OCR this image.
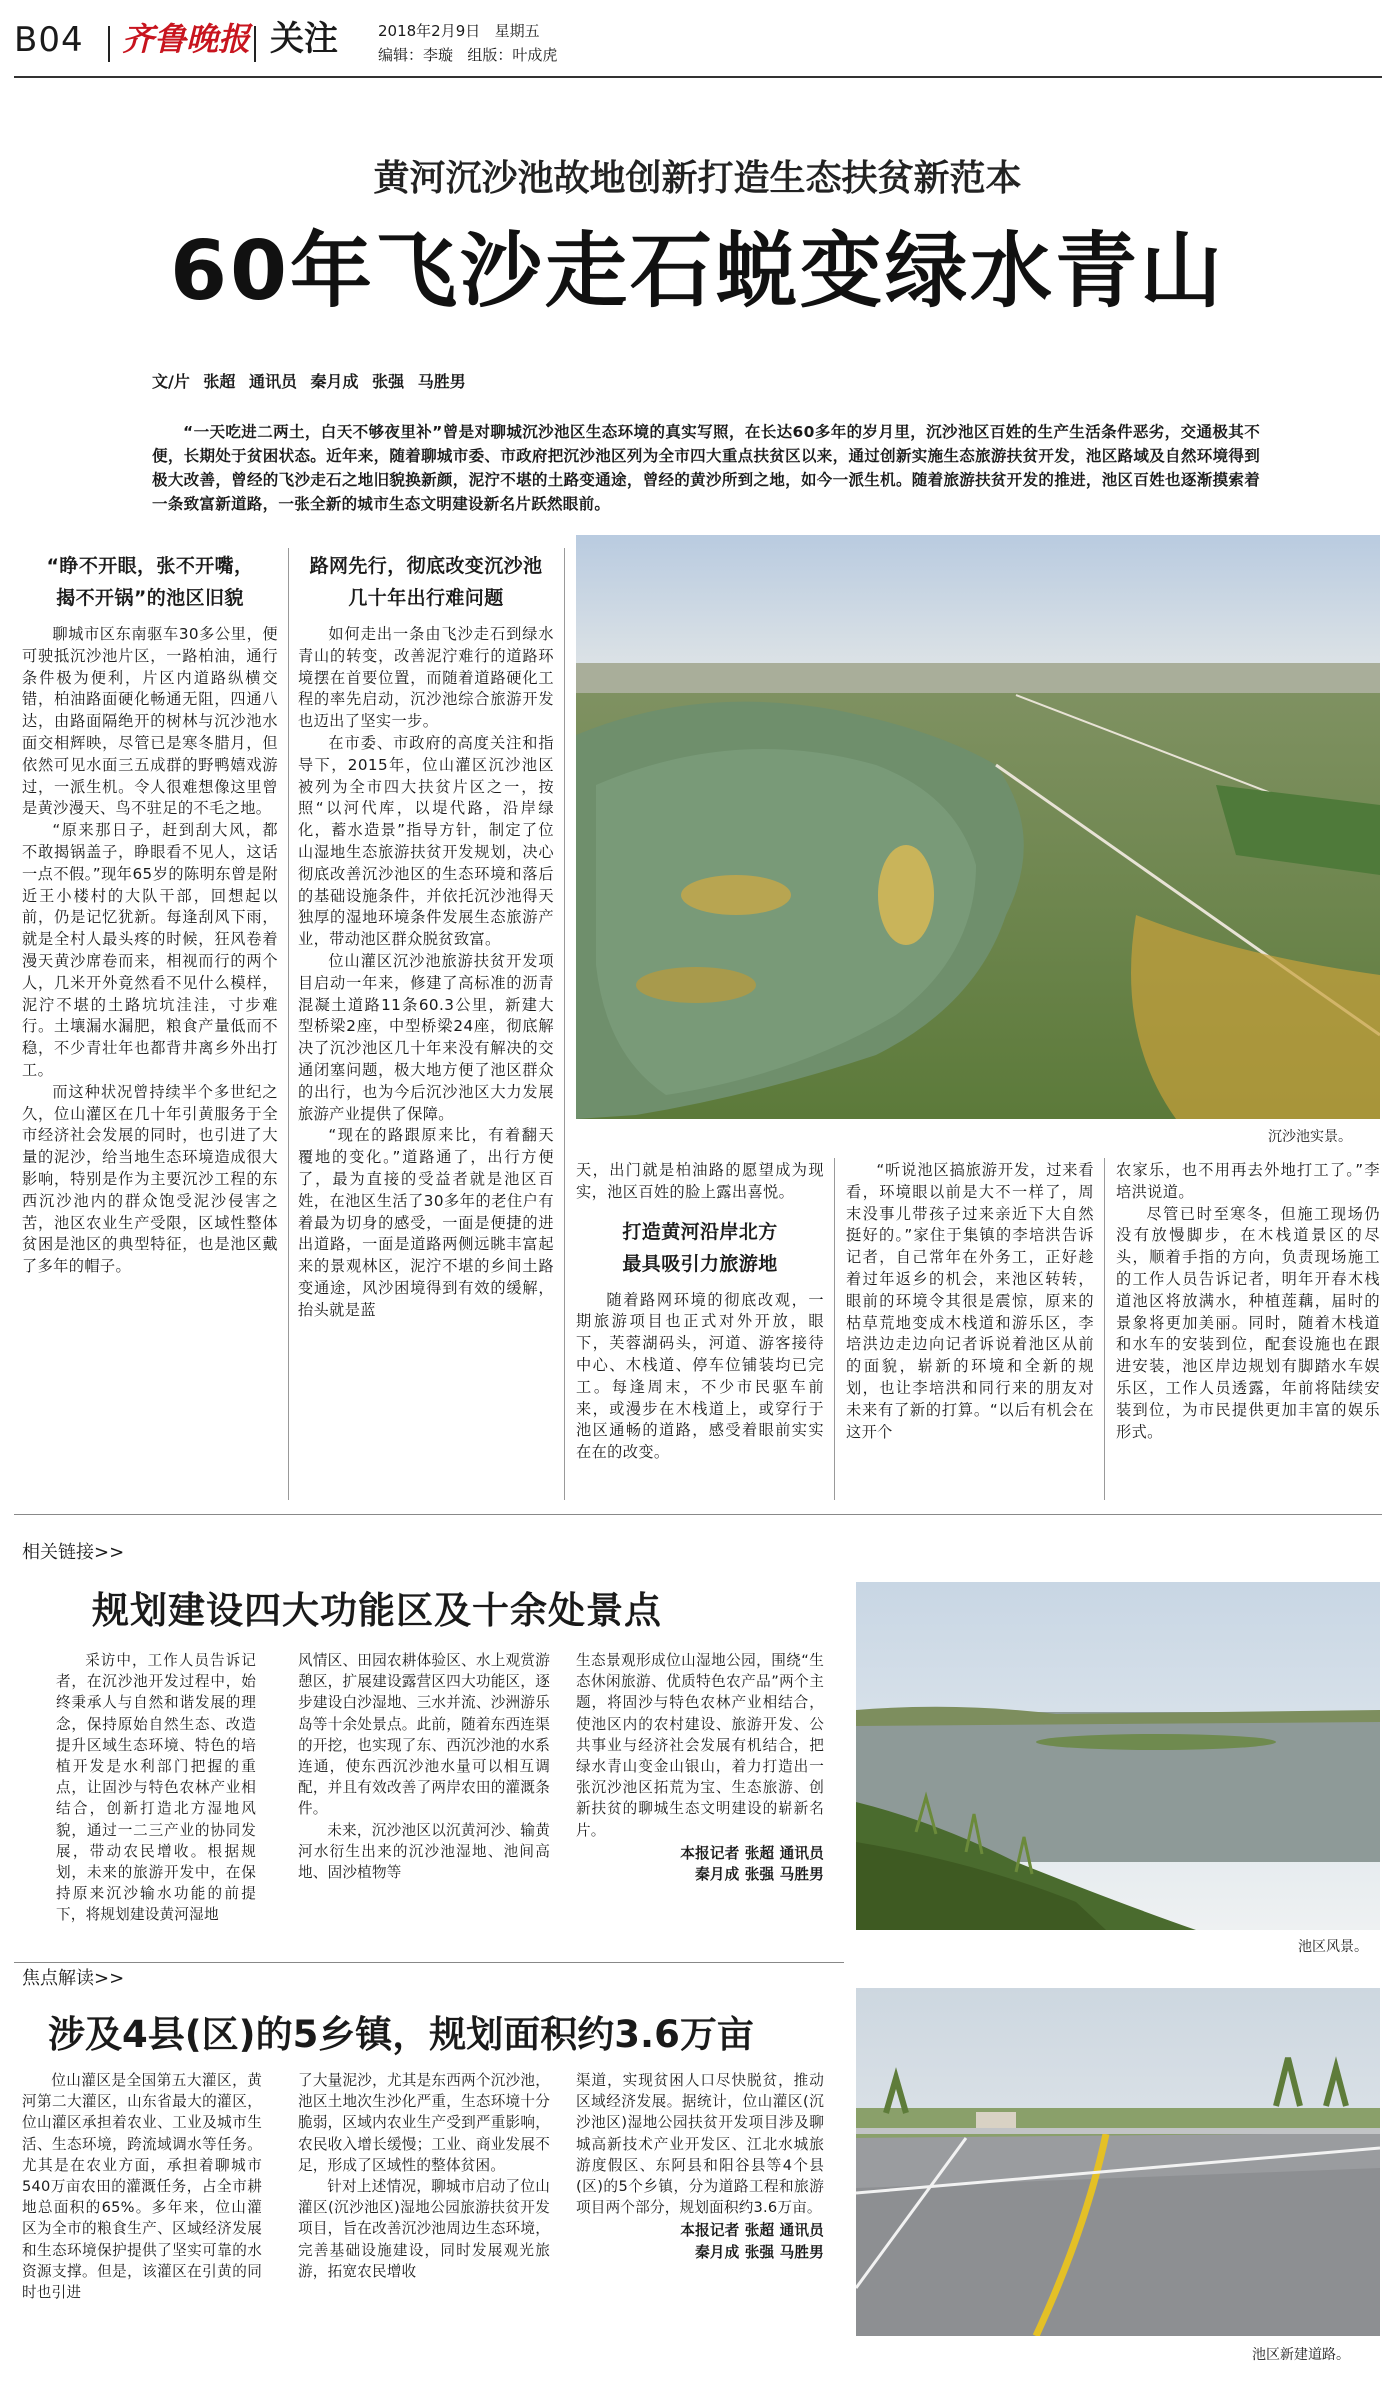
B04 齐鲁晚报 关注	2018年2月9日 星期五
编辑：李璇 组版：叶成虎
黄河沉沙池故地创新打造生态扶贫新范本
60年飞沙走石蜕变绿水青山
文/片 张超 通讯员 秦月成 张强 马胜男
“一天吃进二两土，白天不够夜里补”曾是对聊城沉沙池区生态环境的真实写照，在长达60多年的岁月里，沉沙池区百姓的生产生活条件恶劣，交通极其不便，长期处于贫困状态。近年来，随着聊城市委、市政府把沉沙池区列为全市四大重点扶贫区以来，通过创新实施生态旅游扶贫开发，池区路域及自然环境得到极大改善，曾经的飞沙走石之地旧貌换新颜，泥泞不堪的土路变通途，曾经的黄沙所到之地，如今一派生机。随着旅游扶贫开发的推进，池区百姓也逐渐摸索着一条致富新道路，一张全新的城市生态文明建设新名片跃然眼前。
沉沙池实景。
“睁不开眼，张不开嘴，
揭不开锅”的池区旧貌

聊城市区东南驱车30多公里，便可驶抵沉沙池片区，一路柏油，通行条件极为便利，片区内道路纵横交错，柏油路面硬化畅通无阻，四通八达，由路面隔绝开的树林与沉沙池水面交相辉映，尽管已是寒冬腊月，但依然可见水面三五成群的野鸭嬉戏游过，一派生机。令人很难想像这里曾是黄沙漫天、鸟不驻足的不毛之地。

“原来那日子，赶到刮大风，都不敢揭锅盖子，睁眼看不见人，这话一点不假。”现年65岁的陈明东曾是附近王小楼村的大队干部，回想起以前，仍是记忆犹新。每逢刮风下雨，就是全村人最头疼的时候，狂风卷着漫天黄沙席卷而来，相视而行的两个人，几米开外竟然看不见什么模样，泥泞不堪的土路坑坑洼洼，寸步难行。土壤漏水漏肥，粮食产量低而不稳，不少青壮年也都背井离乡外出打工。

而这种状况曾持续半个多世纪之久，位山灌区在几十年引黄服务于全市经济社会发展的同时，也引进了大量的泥沙，给当地生态环境造成很大影响，特别是作为主要沉沙工程的东西沉沙池内的群众饱受泥沙侵害之苦，池区农业生产受限，区域性整体贫困是池区的典型特征，也是池区戴了多年的帽子。

路网先行，彻底改变沉沙池
几十年出行难问题

如何走出一条由飞沙走石到绿水青山的转变，改善泥泞难行的道路环境摆在首要位置，而随着道路硬化工程的率先启动，沉沙池综合旅游开发也迈出了坚实一步。

在市委、市政府的高度关注和指导下，2015年，位山灌区沉沙池区被列为全市四大扶贫片区之一，按照“以河代库，以堤代路，沿岸绿化，蓄水造景”指导方针，制定了位山湿地生态旅游扶贫开发规划，决心彻底改善沉沙池区的生态环境和落后的基础设施条件，并依托沉沙池得天独厚的湿地环境条件发展生态旅游产业，带动池区群众脱贫致富。

位山灌区沉沙池旅游扶贫开发项目启动一年来，修建了高标准的沥青混凝土道路11条60.3公里，新建大型桥梁2座，中型桥梁24座，彻底解决了沉沙池区几十年来没有解决的交通闭塞问题，极大地方便了池区群众的出行，也为今后沉沙池区大力发展旅游产业提供了保障。

“现在的路跟原来比，有着翻天覆地的变化。”道路通了，出行方便了，最为直接的受益者就是池区百姓，在池区生活了30多年的老住户有着最为切身的感受，一面是便捷的进出道路，一面是道路两侧远眺丰富起来的景观林区，泥泞不堪的乡间土路变通途，风沙困境得到有效的缓解，抬头就是蓝

天，出门就是柏油路的愿望成为现实，池区百姓的脸上露出喜悦。

打造黄河沿岸北方
最具吸引力旅游地

随着路网环境的彻底改观，一期旅游项目也正式对外开放，眼下，芙蓉湖码头，河道、游客接待中心、木栈道、停车位铺装均已完工。每逢周末，不少市民驱车前来，或漫步在木栈道上，或穿行于池区通畅的道路，感受着眼前实实在在的改变。

“听说池区搞旅游开发，过来看看，环境眼以前是大不一样了，周末没事儿带孩子过来亲近下大自然挺好的。”家住于集镇的李培洪告诉记者，自己常年在外务工，正好趁着过年返乡的机会，来池区转转，眼前的环境令其很是震惊，原来的枯草荒地变成木栈道和游乐区，李培洪边走边向记者诉说着池区从前的面貌，崭新的环境和全新的规划，也让李培洪和同行来的朋友对未来有了新的打算。“以后有机会在这开个

农家乐，也不用再去外地打工了。”李培洪说道。

尽管已时至寒冬，但施工现场仍没有放慢脚步，在木栈道景区的尽头，顺着手指的方向，负责现场施工的工作人员告诉记者，明年开春木栈道池区将放满水，种植莲藕，届时的景象将更加美丽。同时，随着木栈道和水车的安装到位，配套设施也在跟进安装，池区岸边规划有脚踏水车娱乐区，工作人员透露，年前将陆续安装到位，为市民提供更加丰富的娱乐形式。

相关链接>>
规划建设四大功能区及十余处景点

采访中，工作人员告诉记者，在沉沙池开发过程中，始终秉承人与自然和谐发展的理念，保持原始自然生态、改造提升区域生态环境、特色的培植开发是水利部门把握的重点，让固沙与特色农林产业相结合，创新打造北方湿地风貌，通过一二三产业的协同发展，带动农民增收。根据规划，未来的旅游开发中，在保持原来沉沙输水功能的前提下，将规划建设黄河湿地

风情区、田园农耕体验区、水上观赏游憩区，扩展建设露营区四大功能区，逐步建设白沙湿地、三水并流、沙洲游乐岛等十余处景点。此前，随着东西连渠的开挖，也实现了东、西沉沙池的水系连通，使东西沉沙池水量可以相互调配，并且有效改善了两岸农田的灌溉条件。

未来，沉沙池区以沉黄河沙、输黄河水衍生出来的沉沙池湿地、池间高地、固沙植物等

生态景观形成位山湿地公园，围绕“生态休闲旅游、优质特色农产品”两个主题，将固沙与特色农林产业相结合，使池区内的农村建设、旅游开发、公共事业与经济社会发展有机结合，把绿水青山变金山银山，着力打造出一张沉沙池区拓荒为宝、生态旅游、创新扶贫的聊城生态文明建设的崭新名片。

本报记者 张超 通讯员
秦月成 张强 马胜男
池区风景。
焦点解读>>
涉及4县(区)的5乡镇，规划面积约3.6万亩

位山灌区是全国第五大灌区，黄河第二大灌区，山东省最大的灌区，位山灌区承担着农业、工业及城市生活、生态环境，跨流域调水等任务。尤其是在农业方面，承担着聊城市540万亩农田的灌溉任务，占全市耕地总面积的65%。多年来，位山灌区为全市的粮食生产、区域经济发展和生态环境保护提供了坚实可靠的水资源支撑。但是，该灌区在引黄的同时也引进

了大量泥沙，尤其是东西两个沉沙池，池区土地次生沙化严重，生态环境十分脆弱，区域内农业生产受到严重影响，农民收入增长缓慢；工业、商业发展不足，形成了区域性的整体贫困。

针对上述情况，聊城市启动了位山灌区(沉沙池区)湿地公园旅游扶贫开发项目，旨在改善沉沙池周边生态环境，完善基础设施建设，同时发展观光旅游，拓宽农民增收

渠道，实现贫困人口尽快脱贫，推动区域经济发展。据统计，位山灌区(沉沙池区)湿地公园扶贫开发项目涉及聊城高新技术产业开发区、江北水城旅游度假区、东阿县和阳谷县等4个县(区)的5个乡镇，分为道路工程和旅游项目两个部分，规划面积约3.6万亩。

本报记者 张超 通讯员
秦月成 张强 马胜男
池区新建道路。
